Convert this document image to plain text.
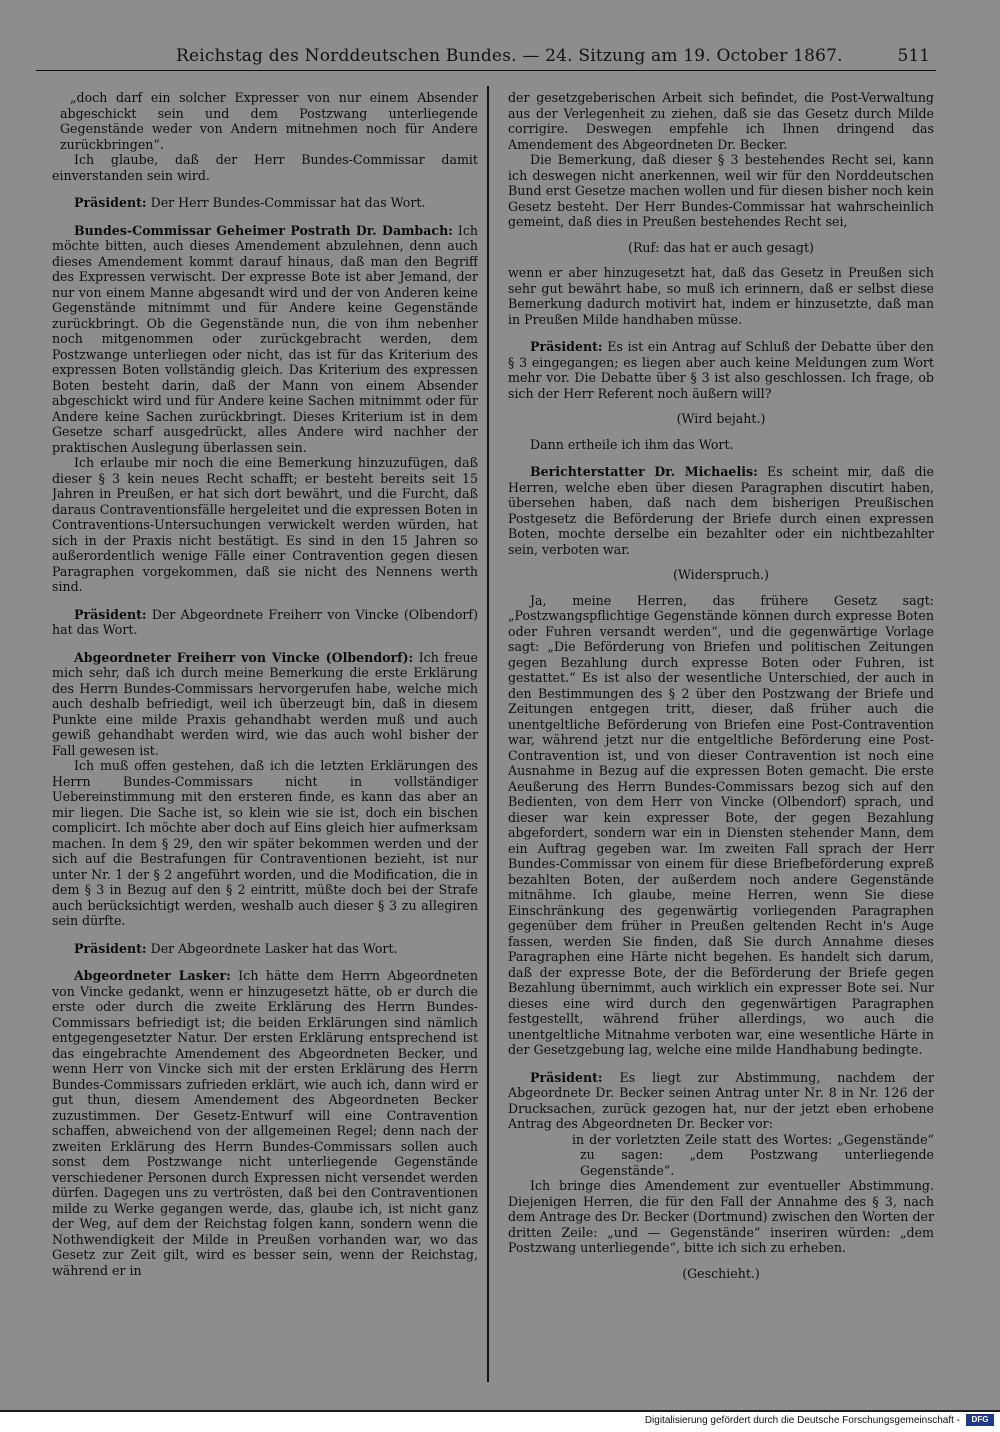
Reichstag des Norddeutschen Bundes. — 24. Sitzung am 19. October 1867.	511

„doch darf ein solcher Expresser von nur einem Absender abgeschickt sein und dem Postzwang unterliegende Gegenstände weder von Andern mitnehmen noch für Andere zurückbringen“.

Ich glaube, daß der Herr Bundes-Commissar damit einverstanden sein wird.

Präsident: Der Herr Bundes-Commissar hat das Wort.

Bundes-Commissar Geheimer Postrath Dr. Dambach: Ich möchte bitten, auch dieses Amendement abzulehnen, denn auch dieses Amendement kommt darauf hinaus, daß man den Begriff des Expressen verwischt. Der expresse Bote ist aber Jemand, der nur von einem Manne abgesandt wird und der von Anderen keine Gegenstände mitnimmt und für Andere keine Gegenstände zurückbringt. Ob die Gegenstände nun, die von ihm nebenher noch mitgenommen oder zurückgebracht werden, dem Postzwange unterliegen oder nicht, das ist für das Kriterium des expressen Boten vollständig gleich. Das Kriterium des expressen Boten besteht darin, daß der Mann von einem Absender abgeschickt wird und für Andere keine Sachen mitnimmt oder für Andere keine Sachen zurückbringt. Dieses Kriterium ist in dem Gesetze scharf ausgedrückt, alles Andere wird nachher der praktischen Auslegung überlassen sein.

Ich erlaube mir noch die eine Bemerkung hinzuzufügen, daß dieser § 3 kein neues Recht schafft; er besteht bereits seit 15 Jahren in Preußen, er hat sich dort bewährt, und die Furcht, daß daraus Contraventionsfälle hergeleitet und die expressen Boten in Contraventions-Untersuchungen verwickelt werden würden, hat sich in der Praxis nicht bestätigt. Es sind in den 15 Jahren so außerordentlich wenige Fälle einer Contravention gegen diesen Paragraphen vorgekommen, daß sie nicht des Nennens werth sind.

Präsident: Der Abgeordnete Freiherr von Vincke (Olbendorf) hat das Wort.

Abgeordneter Freiherr von Vincke (Olbendorf): Ich freue mich sehr, daß ich durch meine Bemerkung die erste Erklärung des Herrn Bundes-Commissars hervorgerufen habe, welche mich auch deshalb befriedigt, weil ich überzeugt bin, daß in diesem Punkte eine milde Praxis gehandhabt werden muß und auch gewiß gehandhabt werden wird, wie das auch wohl bisher der Fall gewesen ist.

Ich muß offen gestehen, daß ich die letzten Erklärungen des Herrn Bundes-Commissars nicht in vollständiger Uebereinstimmung mit den ersteren finde, es kann das aber an mir liegen. Die Sache ist, so klein wie sie ist, doch ein bischen complicirt. Ich möchte aber doch auf Eins gleich hier aufmerksam machen. In dem § 29, den wir später bekommen werden und der sich auf die Bestrafungen für Contraventionen bezieht, ist nur unter Nr. 1 der § 2 angeführt worden, und die Modification, die in dem § 3 in Bezug auf den § 2 eintritt, müßte doch bei der Strafe auch berücksichtigt werden, weshalb auch dieser § 3 zu allegiren sein dürfte.

Präsident: Der Abgeordnete Lasker hat das Wort.

Abgeordneter Lasker: Ich hätte dem Herrn Abgeordneten von Vincke gedankt, wenn er hinzugesetzt hätte, ob er durch die erste oder durch die zweite Erklärung des Herrn Bundes-Commissars befriedigt ist; die beiden Erklärungen sind nämlich entgegengesetzter Natur. Der ersten Erklärung entsprechend ist das eingebrachte Amendement des Abgeordneten Becker, und wenn Herr von Vincke sich mit der ersten Erklärung des Herrn Bundes-Commissars zufrieden erklärt, wie auch ich, dann wird er gut thun, diesem Amendement des Abgeordneten Becker zuzustimmen. Der Gesetz-Entwurf will eine Contravention schaffen, abweichend von der allgemeinen Regel; denn nach der zweiten Erklärung des Herrn Bundes-Commissars sollen auch sonst dem Postzwange nicht unterliegende Gegenstände verschiedener Personen durch Expressen nicht versendet werden dürfen. Dagegen uns zu vertrösten, daß bei den Contraventionen milde zu Werke gegangen werde, das, glaube ich, ist nicht ganz der Weg, auf dem der Reichstag folgen kann, sondern wenn die Nothwendigkeit der Milde in Preußen vorhanden war, wo das Gesetz zur Zeit gilt, wird es besser sein, wenn der Reichstag, während er in

der gesetzgeberischen Arbeit sich befindet, die Post-Verwaltung aus der Verlegenheit zu ziehen, daß sie das Gesetz durch Milde corrigire. Deswegen empfehle ich Ihnen dringend das Amendement des Abgeordneten Dr. Becker.

Die Bemerkung, daß dieser § 3 bestehendes Recht sei, kann ich deswegen nicht anerkennen, weil wir für den Norddeutschen Bund erst Gesetze machen wollen und für diesen bisher noch kein Gesetz besteht. Der Herr Bundes-Commissar hat wahrscheinlich gemeint, daß dies in Preußen bestehendes Recht sei,

(Ruf: das hat er auch gesagt)

wenn er aber hinzugesetzt hat, daß das Gesetz in Preußen sich sehr gut bewährt habe, so muß ich erinnern, daß er selbst diese Bemerkung dadurch motivirt hat, indem er hinzusetzte, daß man in Preußen Milde handhaben müsse.

Präsident: Es ist ein Antrag auf Schluß der Debatte über den § 3 eingegangen; es liegen aber auch keine Meldungen zum Wort mehr vor. Die Debatte über § 3 ist also geschlossen. Ich frage, ob sich der Herr Referent noch äußern will?

(Wird bejaht.)

Dann ertheile ich ihm das Wort.

Berichterstatter Dr. Michaelis: Es scheint mir, daß die Herren, welche eben über diesen Paragraphen discutirt haben, übersehen haben, daß nach dem bisherigen Preußischen Postgesetz die Beförderung der Briefe durch einen expressen Boten, mochte derselbe ein bezahlter oder ein nichtbezahlter sein, verboten war.

(Widerspruch.)

Ja, meine Herren, das frühere Gesetz sagt: „Postzwangspflichtige Gegenstände können durch expresse Boten oder Fuhren versandt werden“, und die gegenwärtige Vorlage sagt: „Die Beförderung von Briefen und politischen Zeitungen gegen Bezahlung durch expresse Boten oder Fuhren, ist gestattet.“ Es ist also der wesentliche Unterschied, der auch in den Bestimmungen des § 2 über den Postzwang der Briefe und Zeitungen entgegen tritt, dieser, daß früher auch die unentgeltliche Beförderung von Briefen eine Post-Contravention war, während jetzt nur die entgeltliche Beförderung eine Post-Contravention ist, und von dieser Contravention ist noch eine Ausnahme in Bezug auf die expressen Boten gemacht. Die erste Aeußerung des Herrn Bundes-Commissars bezog sich auf den Bedienten, von dem Herr von Vincke (Olbendorf) sprach, und dieser war kein expresser Bote, der gegen Bezahlung abgefordert, sondern war ein in Diensten stehender Mann, dem ein Auftrag gegeben war. Im zweiten Fall sprach der Herr Bundes-Commissar von einem für diese Briefbeförderung expreß bezahlten Boten, der außerdem noch andere Gegenstände mitnähme. Ich glaube, meine Herren, wenn Sie diese Einschränkung des gegenwärtig vorliegenden Paragraphen gegenüber dem früher in Preußen geltenden Recht in's Auge fassen, werden Sie finden, daß Sie durch Annahme dieses Paragraphen eine Härte nicht begehen. Es handelt sich darum, daß der expresse Bote, der die Beförderung der Briefe gegen Bezahlung übernimmt, auch wirklich ein expresser Bote sei. Nur dieses eine wird durch den gegenwärtigen Paragraphen festgestellt, während früher allerdings, wo auch die unentgeltliche Mitnahme verboten war, eine wesentliche Härte in der Gesetzgebung lag, welche eine milde Handhabung bedingte.

Präsident: Es liegt zur Abstimmung, nachdem der Abgeordnete Dr. Becker seinen Antrag unter Nr. 8 in Nr. 126 der Drucksachen, zurück gezogen hat, nur der jetzt eben erhobene Antrag des Abgeordneten Dr. Becker vor:

in der vorletzten Zeile statt des Wortes: „Gegenstände“ zu sagen: „dem Postzwang unterliegende Gegenstände“.

Ich bringe dies Amendement zur eventueller Abstimmung. Diejenigen Herren, die für den Fall der Annahme des § 3, nach dem Antrage des Dr. Becker (Dortmund) zwischen den Worten der dritten Zeile: „und — Gegenstände“ inseriren würden: „dem Postzwang unterliegende“, bitte ich sich zu erheben.

(Geschieht.)

Digitalisierung gefördert durch die Deutsche Forschungsgemeinschaft -	DFG
